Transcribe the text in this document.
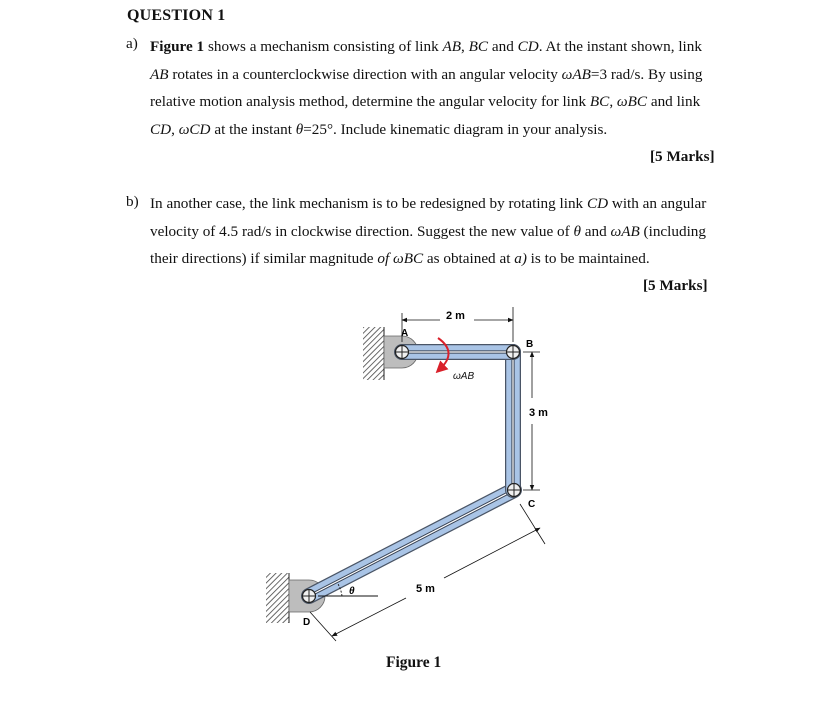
QUESTION 1
a) Figure 1 shows a mechanism consisting of link AB, BC and CD. At the instant shown, link
AB rotates in a counterclockwise direction with an angular velocity ωAB=3 rad/s. By using
relative motion analysis method, determine the angular velocity for link BC, ωBC and link
CD, ωCD at the instant θ=25°. Include kinematic diagram in your analysis.
[5 Marks]
b) In another case, the link mechanism is to be redesigned by rotating link CD with an angular
velocity of 4.5 rad/s in clockwise direction. Suggest the new value of θ and ωAB (including
their directions) if similar magnitude of ωBC as obtained at a) is to be maintained.
[5 Marks]
2 m
3 m
5 m
A
B
C
D
ωAB
θ
Figure 1
